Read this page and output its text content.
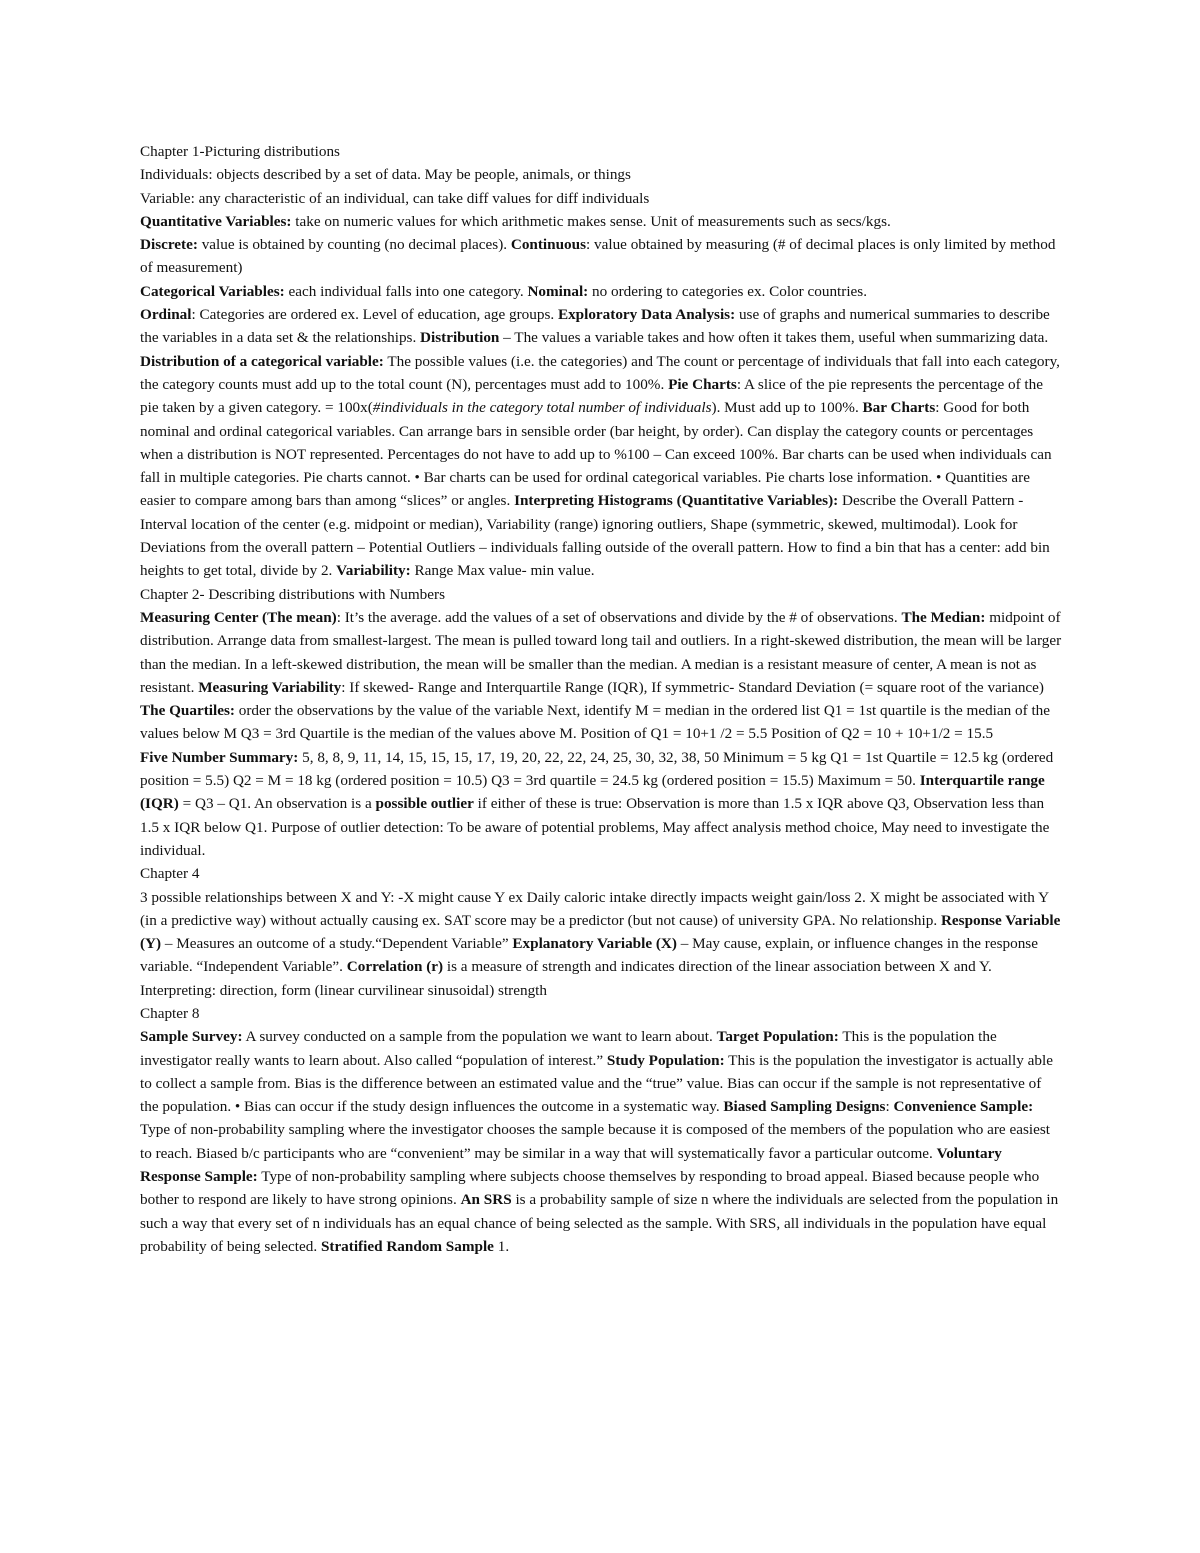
Chapter 1-Picturing distributions

Individuals: objects described by a set of data. May be people, animals, or things

Variable: any characteristic of an individual, can take diff values for diff individuals

Quantitative Variables: take on numeric values for which arithmetic makes sense. Unit of measurements such as secs/kgs.

Discrete: value is obtained by counting (no decimal places). Continuous: value obtained by measuring (# of decimal places is only limited by method of measurement)

Categorical Variables: each individual falls into one category. Nominal: no ordering to categories ex. Color countries.

Ordinal: Categories are ordered ex. Level of education, age groups. Exploratory Data Analysis: use of graphs and numerical summaries to describe the variables in a data set & the relationships. Distribution – The values a variable takes and how often it takes them, useful when summarizing data. Distribution of a categorical variable: The possible values (i.e. the categories) and The count or percentage of individuals that fall into each category, the category counts must add up to the total count (N), percentages must add to 100%. Pie Charts: A slice of the pie represents the percentage of the pie taken by a given category. = 100x(#individuals in the category total number of individuals). Must add up to 100%. Bar Charts: Good for both nominal and ordinal categorical variables. Can arrange bars in sensible order (bar height, by order). Can display the category counts or percentages when a distribution is NOT represented. Percentages do not have to add up to %100 – Can exceed 100%. Bar charts can be used when individuals can fall in multiple categories. Pie charts cannot. • Bar charts can be used for ordinal categorical variables. Pie charts lose information. • Quantities are easier to compare among bars than among “slices” or angles. Interpreting Histograms (Quantitative Variables): Describe the Overall Pattern - Interval location of the center (e.g. midpoint or median), Variability (range) ignoring outliers, Shape (symmetric, skewed, multimodal). Look for Deviations from the overall pattern – Potential Outliers – individuals falling outside of the overall pattern. How to find a bin that has a center: add bin heights to get total, divide by 2. Variability: Range Max value- min value.

Chapter 2- Describing distributions with Numbers

Measuring Center (The mean): It’s the average. add the values of a set of observations and divide by the # of observations. The Median: midpoint of distribution. Arrange data from smallest-largest. The mean is pulled toward long tail and outliers. In a right-skewed distribution, the mean will be larger than the median. In a left-skewed distribution, the mean will be smaller than the median. A median is a resistant measure of center, A mean is not as resistant. Measuring Variability: If skewed- Range and Interquartile Range (IQR), If symmetric- Standard Deviation (= square root of the variance) The Quartiles: order the observations by the value of the variable Next, identify M = median in the ordered list Q1 = 1st quartile is the median of the values below M Q3 = 3rd Quartile is the median of the values above M. Position of Q1 = 10+1 /2 = 5.5 Position of Q2 = 10 + 10+1/2 = 15.5

Five Number Summary: 5, 8, 8, 9, 11, 14, 15, 15, 15, 17, 19, 20, 22, 22, 24, 25, 30, 32, 38, 50 Minimum = 5 kg Q1 = 1st Quartile = 12.5 kg (ordered position = 5.5) Q2 = M = 18 kg (ordered position = 10.5) Q3 = 3rd quartile = 24.5 kg (ordered position = 15.5) Maximum = 50. Interquartile range (IQR) = Q3 – Q1. An observation is a possible outlier if either of these is true: Observation is more than 1.5 x IQR above Q3, Observation less than 1.5 x IQR below Q1. Purpose of outlier detection: To be aware of potential problems, May affect analysis method choice, May need to investigate the individual.

Chapter 4

3 possible relationships between X and Y: -X might cause Y ex Daily caloric intake directly impacts weight gain/loss 2. X might be associated with Y (in a predictive way) without actually causing ex. SAT score may be a predictor (but not cause) of university GPA. No relationship. Response Variable (Y) – Measures an outcome of a study.“Dependent Variable” Explanatory Variable (X) – May cause, explain, or influence changes in the response variable. “Independent Variable”. Correlation (r) is a measure of strength and indicates direction of the linear association between X and Y. Interpreting: direction, form (linear curvilinear sinusoidal) strength

Chapter 8

Sample Survey: A survey conducted on a sample from the population we want to learn about. Target Population: This is the population the investigator really wants to learn about. Also called “population of interest.” Study Population: This is the population the investigator is actually able to collect a sample from. Bias is the difference between an estimated value and the “true” value. Bias can occur if the sample is not representative of the population. • Bias can occur if the study design influences the outcome in a systematic way. Biased Sampling Designs: Convenience Sample: Type of non-probability sampling where the investigator chooses the sample because it is composed of the members of the population who are easiest to reach. Biased b/c participants who are “convenient” may be similar in a way that will systematically favor a particular outcome. Voluntary Response Sample: Type of non-probability sampling where subjects choose themselves by responding to broad appeal. Biased because people who bother to respond are likely to have strong opinions. An SRS is a probability sample of size n where the individuals are selected from the population in such a way that every set of n individuals has an equal chance of being selected as the sample. With SRS, all individuals in the population have equal probability of being selected. Stratified Random Sample 1.
